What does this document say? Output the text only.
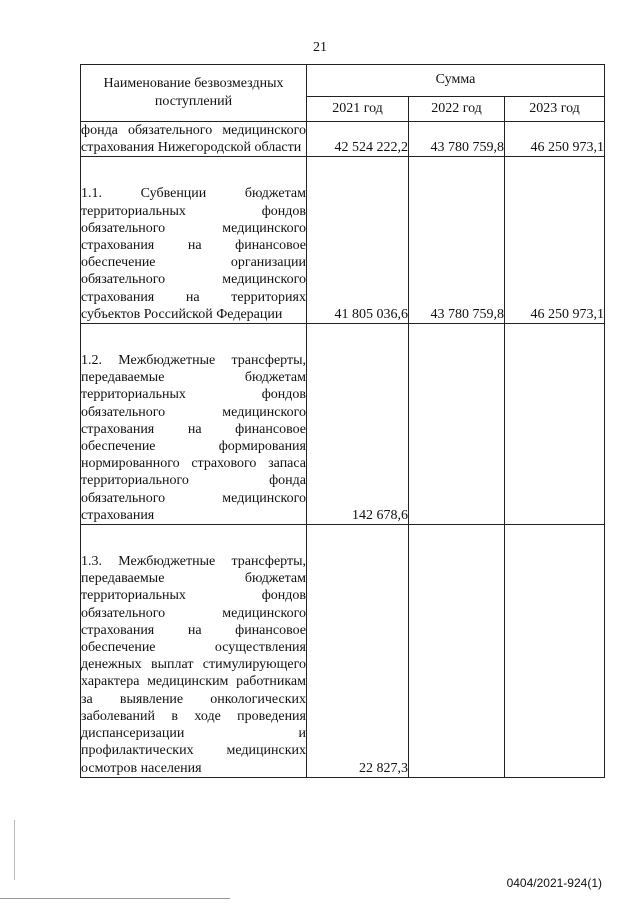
21
Наименование безвозмездных поступлений	Сумма		
	2021 год	2022 год	2023 год
фонда обязательного медицинского страхования Нижегородской области	42 524 222,2	43 780 759,8	46 250 973,1
1.1. Субвенции бюджетам территориальных фондов обязательного медицинского страхования на финансовое обеспечение организации обязательного медицинского страхования на территориях субъектов Российской Федерации	41 805 036,6	43 780 759,8	46 250 973,1
1.2. Межбюджетные трансферты, передаваемые бюджетам территориальных фондов обязательного медицинского страхования на финансовое обеспечение формирования нормированного страхового запаса территориального фонда обязательного медицинского страхования	142 678,6		
1.3. Межбюджетные трансферты, передаваемые бюджетам территориальных фондов обязательного медицинского страхования на финансовое обеспечение осуществления денежных выплат стимулирующего характера медицинским работникам за выявление онкологических заболеваний в ходе проведения диспансеризации и профилактических медицинских осмотров населения	22 827,3		
0404/2021-924(1)
